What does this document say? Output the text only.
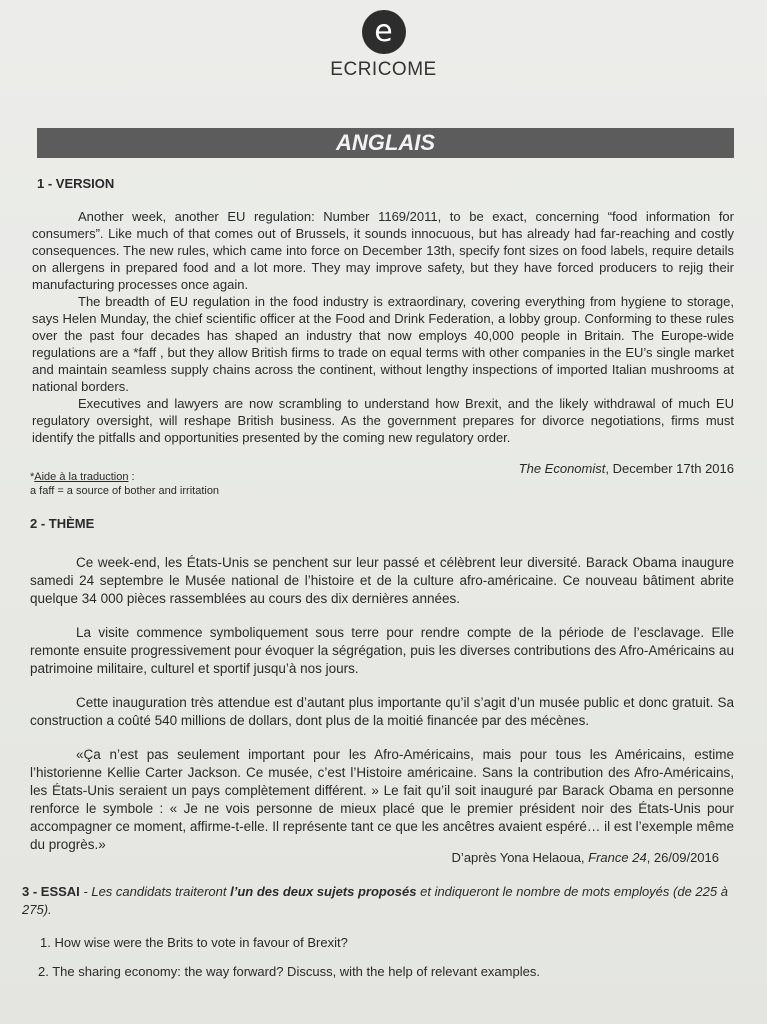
e
ECRICOME
ANGLAIS
1 - VERSION

Another week, another EU regulation: Number 1169/2011, to be exact, concerning “food information for consumers”. Like much of that comes out of Brussels, it sounds innocuous, but has already had far-reaching and costly consequences. The new rules, which came into force on December 13th, specify font sizes on food labels, require details on allergens in prepared food and a lot more. They may improve safety, but they have forced producers to rejig their manufacturing processes once again.

The breadth of EU regulation in the food industry is extraordinary, covering everything from hygiene to storage, says Helen Munday, the chief scientific officer at the Food and Drink Federation, a lobby group. Conforming to these rules over the past four decades has shaped an industry that now employs 40,000 people in Britain. The Europe-wide regulations are a *faff , but they allow British firms to trade on equal terms with other companies in the EU’s single market and maintain seamless supply chains across the continent, without lengthy inspections of imported Italian mushrooms at national borders.

Executives and lawyers are now scrambling to understand how Brexit, and the likely withdrawal of much EU regulatory oversight, will reshape British business. As the government prepares for divorce negotiations, firms must identify the pitfalls and opportunities presented by the coming new regulatory order.

The Economist, December 17th 2016
*Aide à la traduction :
a faff = a source of bother and irritation
2 - THÈME

Ce week-end, les États-Unis se penchent sur leur passé et célèbrent leur diversité. Barack Obama inaugure samedi 24 septembre le Musée national de l’histoire et de la culture afro-américaine. Ce nouveau bâtiment abrite quelque 34 000 pièces rassemblées au cours des dix dernières années.

La visite commence symboliquement sous terre pour rendre compte de la période de l’esclavage. Elle remonte ensuite progressivement pour évoquer la ségrégation, puis les diverses contributions des Afro-Américains au patrimoine militaire, culturel et sportif jusqu’à nos jours.

Cette inauguration très attendue est d’autant plus importante qu’il s’agit d’un musée public et donc gratuit. Sa construction a coûté 540 millions de dollars, dont plus de la moitié financée par des mécènes.

«Ça n’est pas seulement important pour les Afro-Américains, mais pour tous les Américains, estime l’historienne Kellie Carter Jackson. Ce musée, c’est l’Histoire américaine. Sans la contribution des Afro-Américains, les États-Unis seraient un pays complètement différent. » Le fait qu’il soit inauguré par Barack Obama en personne renforce le symbole : « Je ne vois personne de mieux placé que le premier président noir des États-Unis pour accompagner ce moment, affirme-t-elle. Il représente tant ce que les ancêtres avaient espéré… il est l’exemple même du progrès.»

D’après Yona Helaoua, France 24, 26/09/2016
3 - ESSAI - Les candidats traiteront l’un des deux sujets proposés et indiqueront le nombre de mots employés (de 225 à 275).
1. How wise were the Brits to vote in favour of Brexit?
2. The sharing economy: the way forward? Discuss, with the help of relevant examples.
